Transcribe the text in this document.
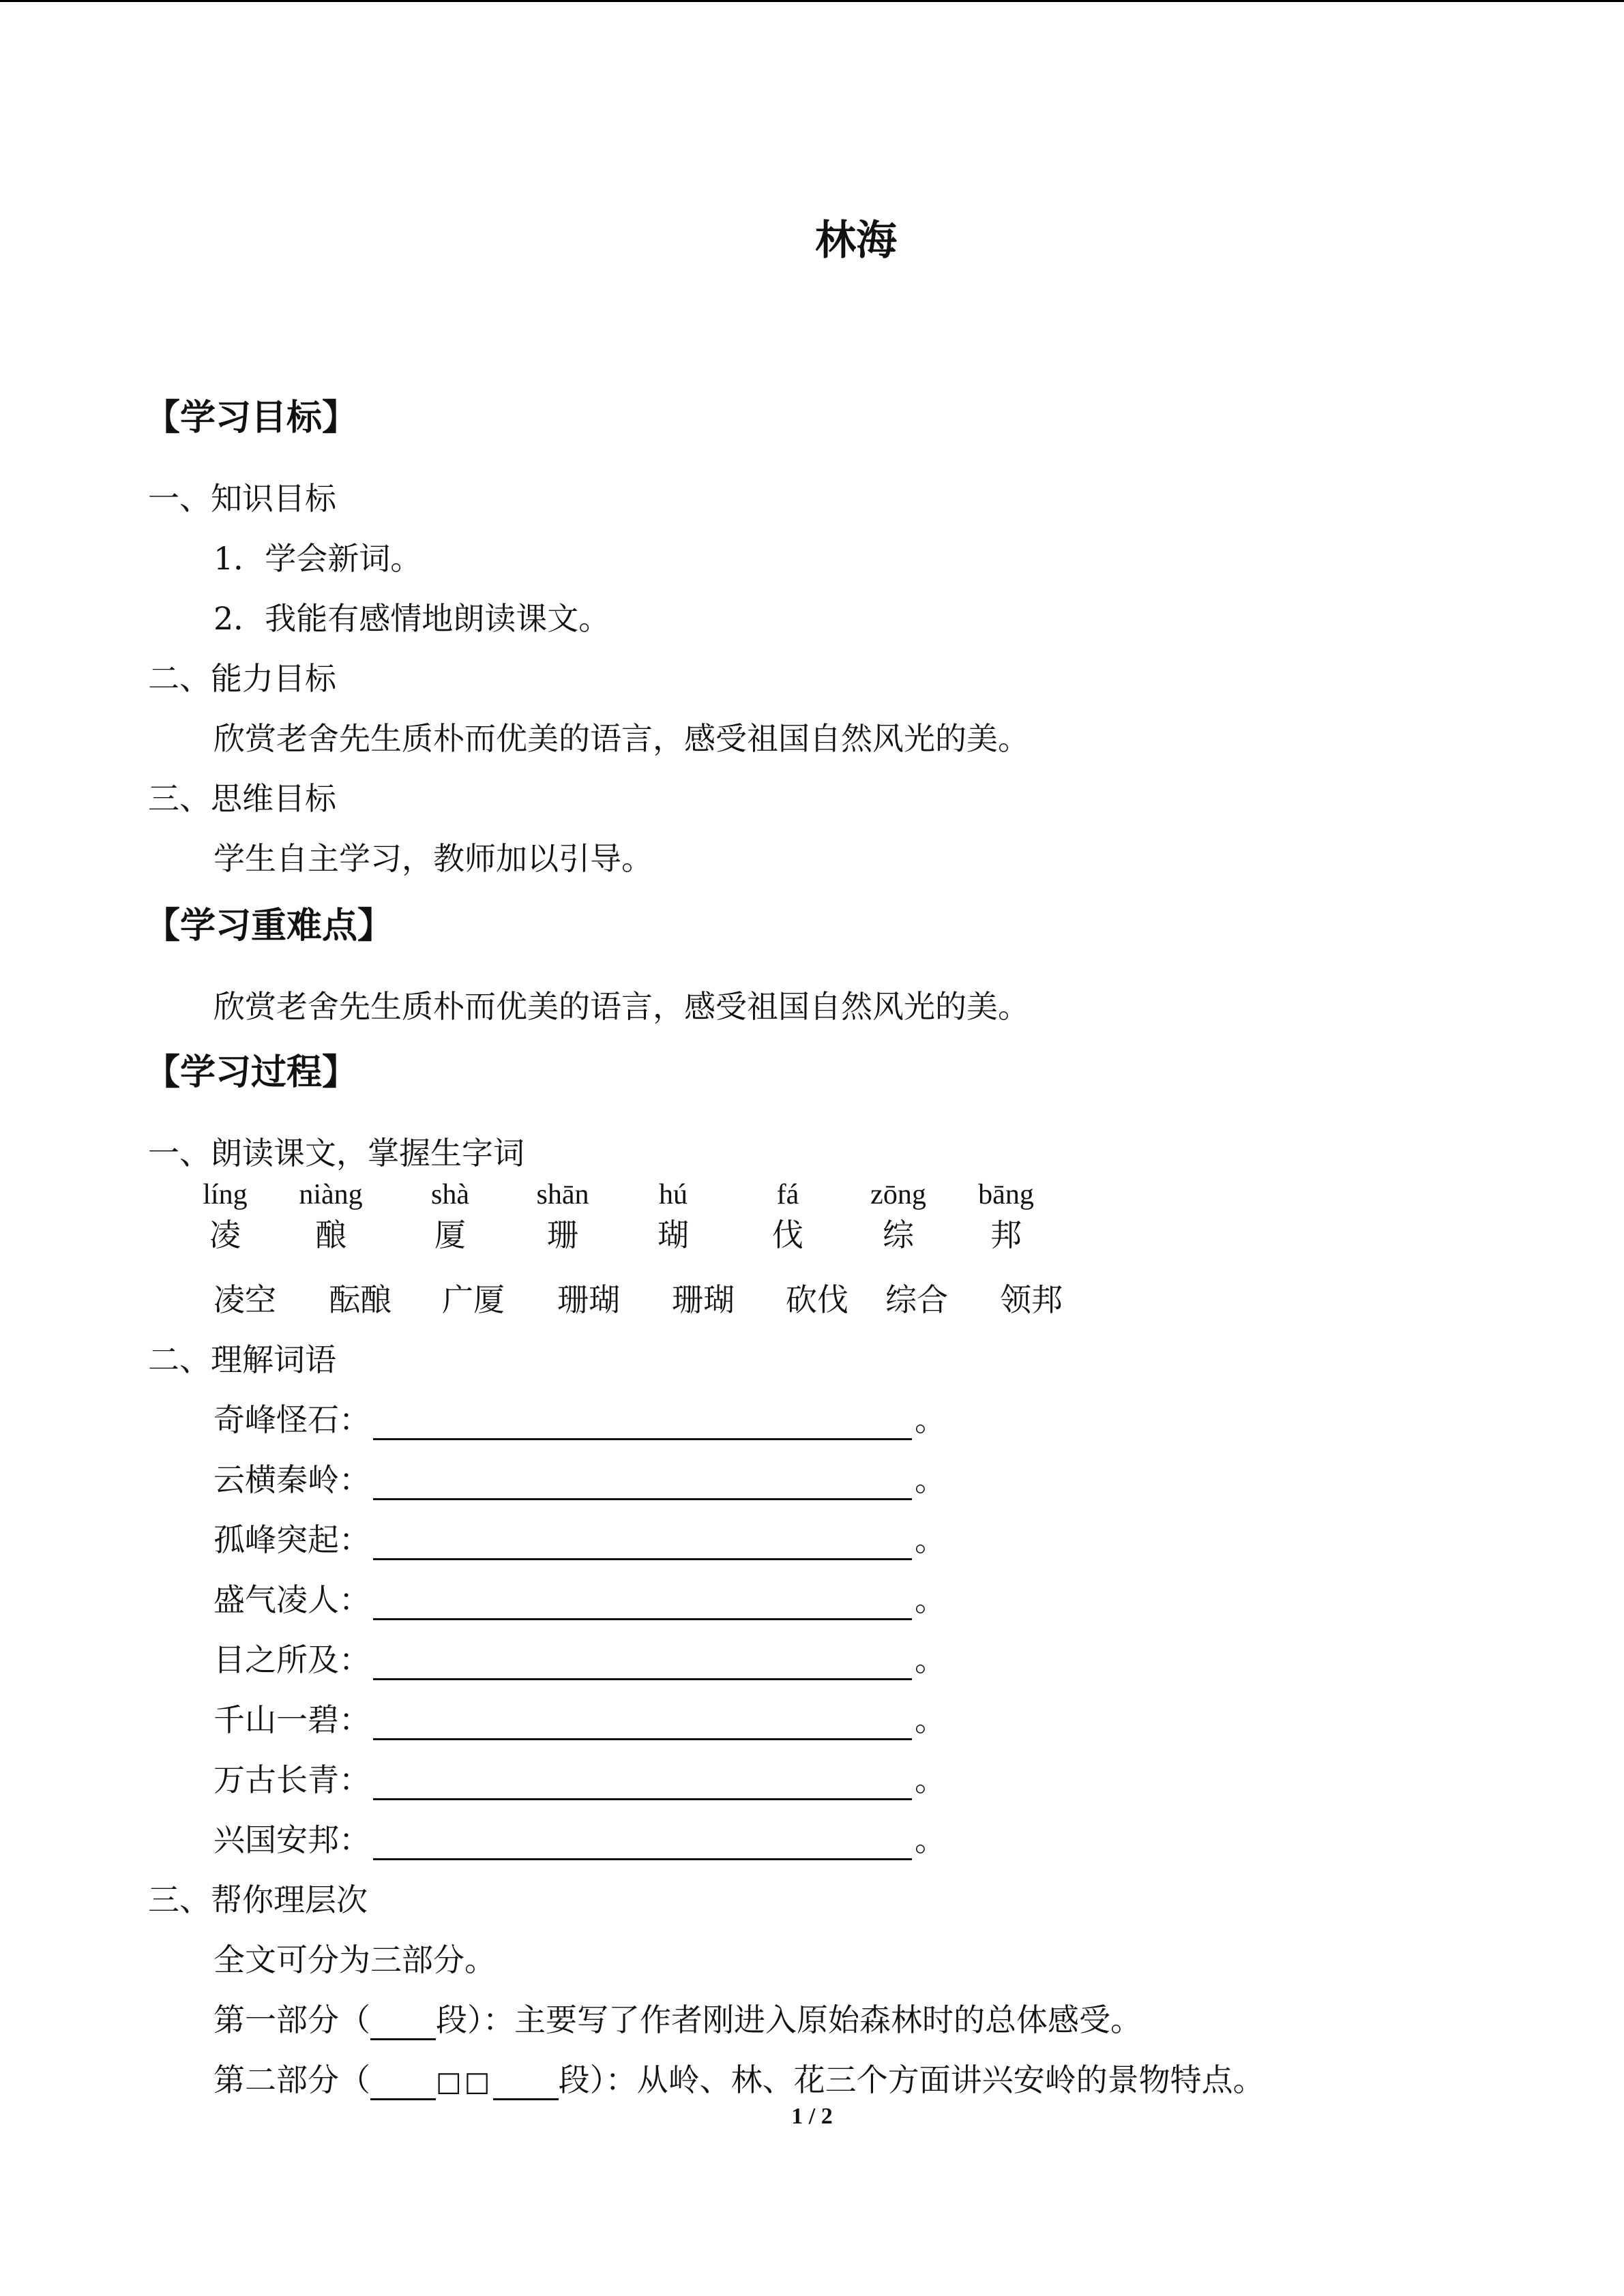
林海
【学习目标】
一、知识目标
1．学会新词。
2．我能有感情地朗读课文。
二、能力目标
欣赏老舍先生质朴而优美的语言，感受祖国自然风光的美。
三、思维目标
学生自主学习，教师加以引导。
【学习重难点】
欣赏老舍先生质朴而优美的语言，感受祖国自然风光的美。
【学习过程】
一、朗读课文，掌握生字词
líng	niàng	shà	shān	hú	fá	zōng	bāng
凌	酿	厦	珊	瑚	伐	综	邦
凌空 酝酿 广厦 珊瑚 珊瑚 砍伐 综合 领邦
二、理解词语
奇峰怪石：	。
云横秦岭：	。
孤峰突起：	。
盛气凌人：	。
目之所及：	。
千山一碧：	。
万古长青：	。
兴国安邦：	。
三、帮你理层次
全文可分为三部分。
第一部分（ 段）：主要写了作者刚进入原始森林时的总体感受。
第二部分（ □□ 段）：从岭、林、花三个方面讲兴安岭的景物特点。
1 / 2
